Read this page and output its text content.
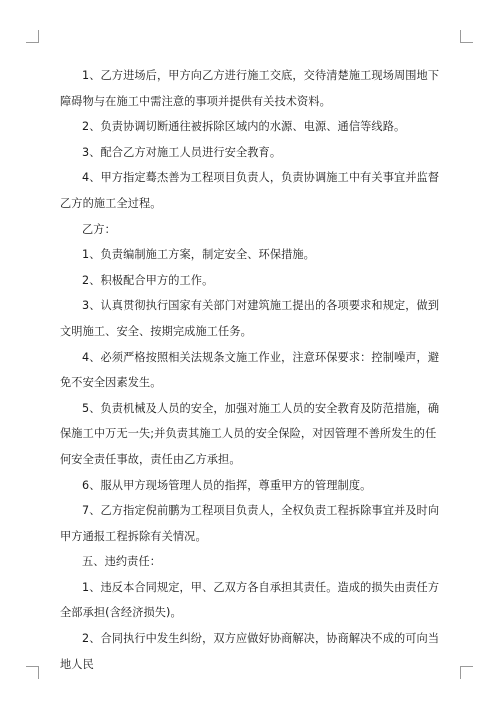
1、乙方进场后，甲方向乙方进行施工交底，交待清楚施工现场周围地下障碍物与在施工中需注意的事项并提供有关技术资料。

2、负责协调切断通往被拆除区域内的水源、电源、通信等线路。

3、配合乙方对施工人员进行安全教育。

4、甲方指定蓦杰善为工程项目负责人，负责协调施工中有关事宜并监督乙方的施工全过程。

乙方：

1、负责编制施工方案，制定安全、环保措施。

2、积极配合甲方的工作。

3、认真贯彻执行国家有关部门对建筑施工提出的各项要求和规定，做到文明施工、安全、按期完成施工任务。

4、必须严格按照相关法规条文施工作业，注意环保要求：控制噪声，避免不安全因素发生。

5、负责机械及人员的安全，加强对施工人员的安全教育及防范措施，确保施工中万无一失;并负责其施工人员的安全保险，对因管理不善所发生的任何安全责任事故，责任由乙方承担。

6、服从甲方现场管理人员的指挥，尊重甲方的管理制度。

7、乙方指定倪前鹏为工程项目负责人，全权负责工程拆除事宜并及时向甲方通报工程拆除有关情况。

五、违约责任：

1、违反本合同规定，甲、乙双方各自承担其责任。造成的损失由责任方全部承担(含经济损失)。

2、合同执行中发生纠纷，双方应做好协商解决，协商解决不成的可向当地人民
